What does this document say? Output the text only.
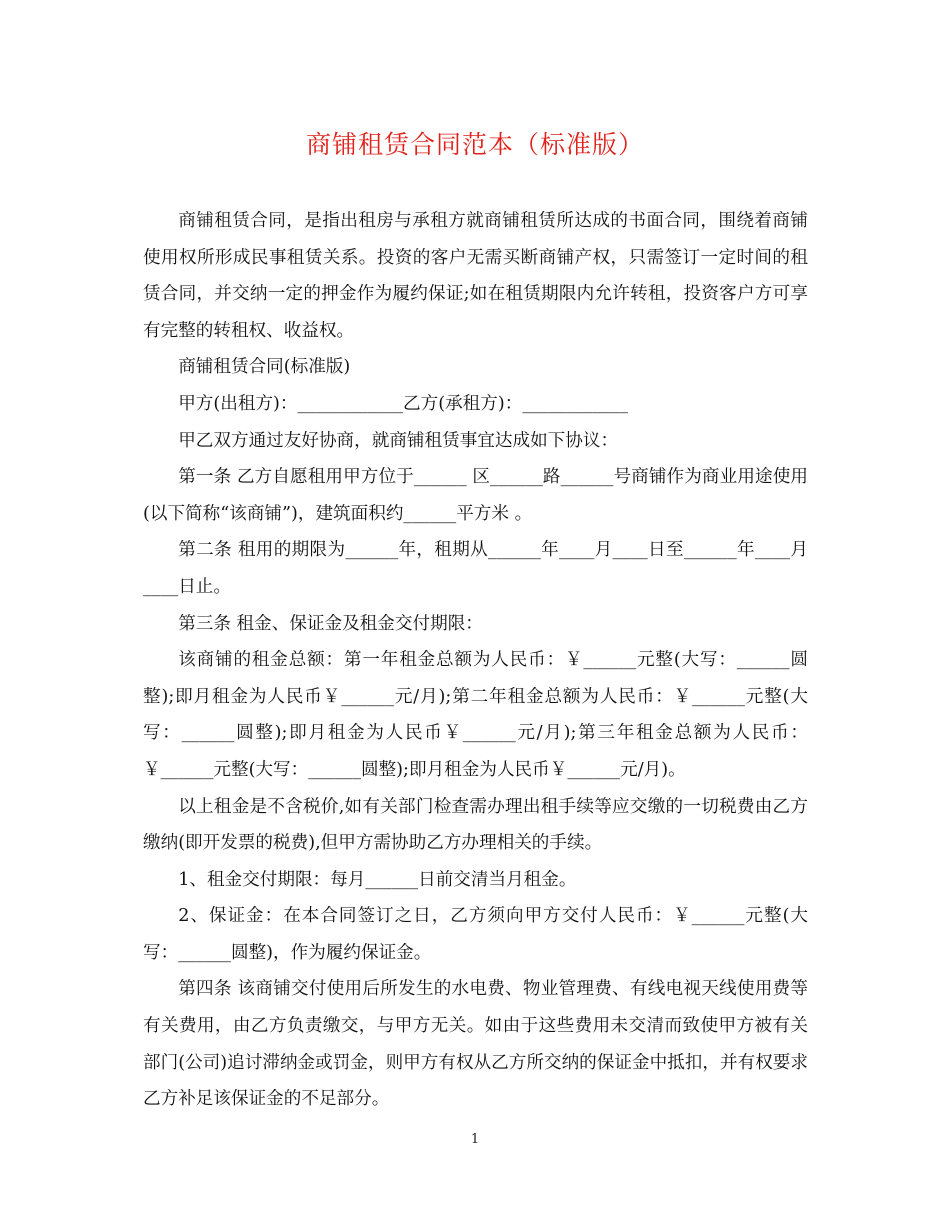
商铺租赁合同范本（标准版）

商铺租赁合同，是指出租房与承租方就商铺租赁所达成的书面合同，围绕着商铺使用权所形成民事租赁关系。投资的客户无需买断商铺产权，只需签订一定时间的租赁合同，并交纳一定的押金作为履约保证;如在租赁期限内允许转租，投资客户方可享有完整的转租权、收益权。

商铺租赁合同(标准版)

甲方(出租方)：____________乙方(承租方)：____________

甲乙双方通过友好协商，就商铺租赁事宜达成如下协议：

第一条 乙方自愿租用甲方位于______ 区______路______号商铺作为商业用途使用(以下简称“该商铺”)，建筑面积约______平方米 。

第二条 租用的期限为______年，租期从______年____月____日至______年____月____日止。

第三条 租金、保证金及租金交付期限：

该商铺的租金总额：第一年租金总额为人民币：￥______元整(大写：______圆整);即月租金为人民币￥______元/月);第二年租金总额为人民币：￥______元整(大写：______圆整);即月租金为人民币￥______元/月);第三年租金总额为人民币：￥______元整(大写：______圆整);即月租金为人民币￥______元/月)。

以上租金是不含税价,如有关部门检查需办理出租手续等应交缴的一切税费由乙方缴纳(即开发票的税费),但甲方需协助乙方办理相关的手续。

1、租金交付期限：每月______日前交清当月租金。

2、保证金：在本合同签订之日，乙方须向甲方交付人民币：￥______元整(大写：______圆整)，作为履约保证金。

第四条 该商铺交付使用后所发生的水电费、物业管理费、有线电视天线使用费等有关费用，由乙方负责缴交，与甲方无关。如由于这些费用未交清而致使甲方被有关部门(公司)追讨滞纳金或罚金，则甲方有权从乙方所交纳的保证金中抵扣，并有权要求乙方补足该保证金的不足部分。

1
